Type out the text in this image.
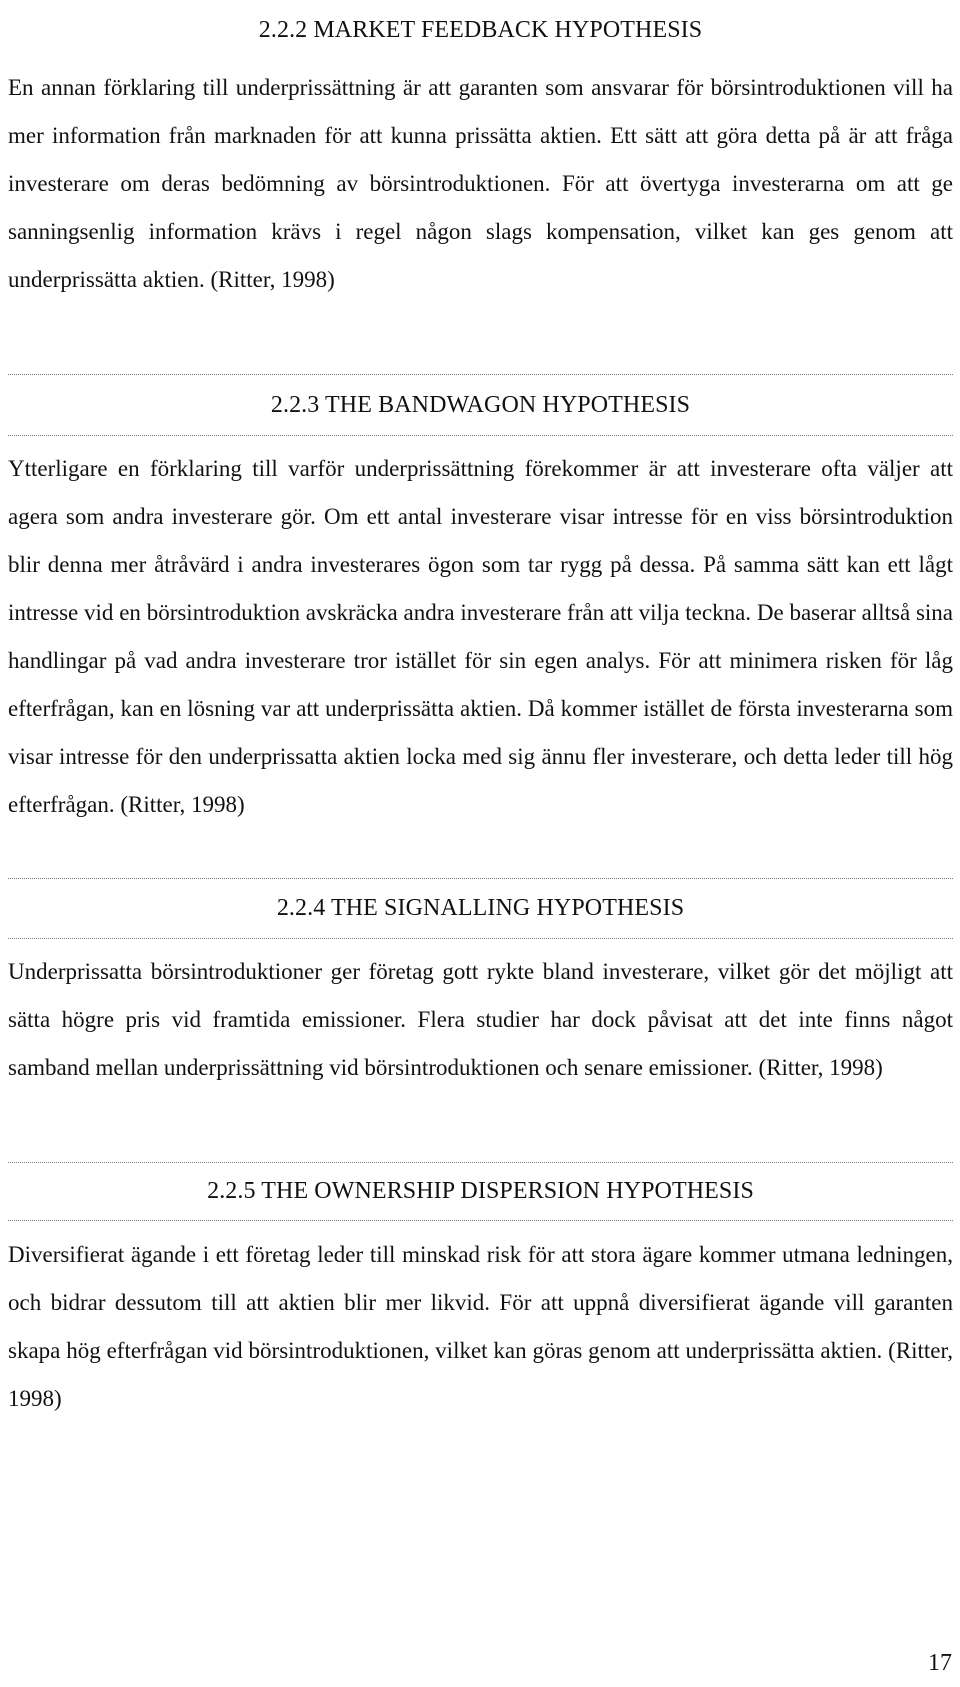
2.2.2 MARKET FEEDBACK HYPOTHESIS

En annan förklaring till underprissättning är att garanten som ansvarar för börsintroduktionen vill ha mer information från marknaden för att kunna prissätta aktien. Ett sätt att göra detta på är att fråga investerare om deras bedömning av börsintroduktionen. För att övertyga investerarna om att ge sanningsenlig information krävs i regel någon slags kompensation, vilket kan ges genom att underprissätta aktien. (Ritter, 1998)

2.2.3 THE BANDWAGON HYPOTHESIS

Ytterligare en förklaring till varför underprissättning förekommer är att investerare ofta väljer att agera som andra investerare gör. Om ett antal investerare visar intresse för en viss börsintroduktion blir denna mer åtråvärd i andra investerares ögon som tar rygg på dessa. På samma sätt kan ett lågt intresse vid en börsintroduktion avskräcka andra investerare från att vilja teckna. De baserar alltså sina handlingar på vad andra investerare tror istället för sin egen analys. För att minimera risken för låg efterfrågan, kan en lösning var att underprissätta aktien. Då kommer istället de första investerarna som visar intresse för den underprissatta aktien locka med sig ännu fler investerare, och detta leder till hög efterfrågan. (Ritter, 1998)

2.2.4 THE SIGNALLING HYPOTHESIS

Underprissatta börsintroduktioner ger företag gott rykte bland investerare, vilket gör det möjligt att sätta högre pris vid framtida emissioner. Flera studier har dock påvisat att det inte finns något samband mellan underprissättning vid börsintroduktionen och senare emissioner. (Ritter, 1998)

2.2.5 THE OWNERSHIP DISPERSION HYPOTHESIS

Diversifierat ägande i ett företag leder till minskad risk för att stora ägare kommer utmana ledningen, och bidrar dessutom till att aktien blir mer likvid. För att uppnå diversifierat ägande vill garanten skapa hög efterfrågan vid börsintroduktionen, vilket kan göras genom att underprissätta aktien. (Ritter, 1998)

17
